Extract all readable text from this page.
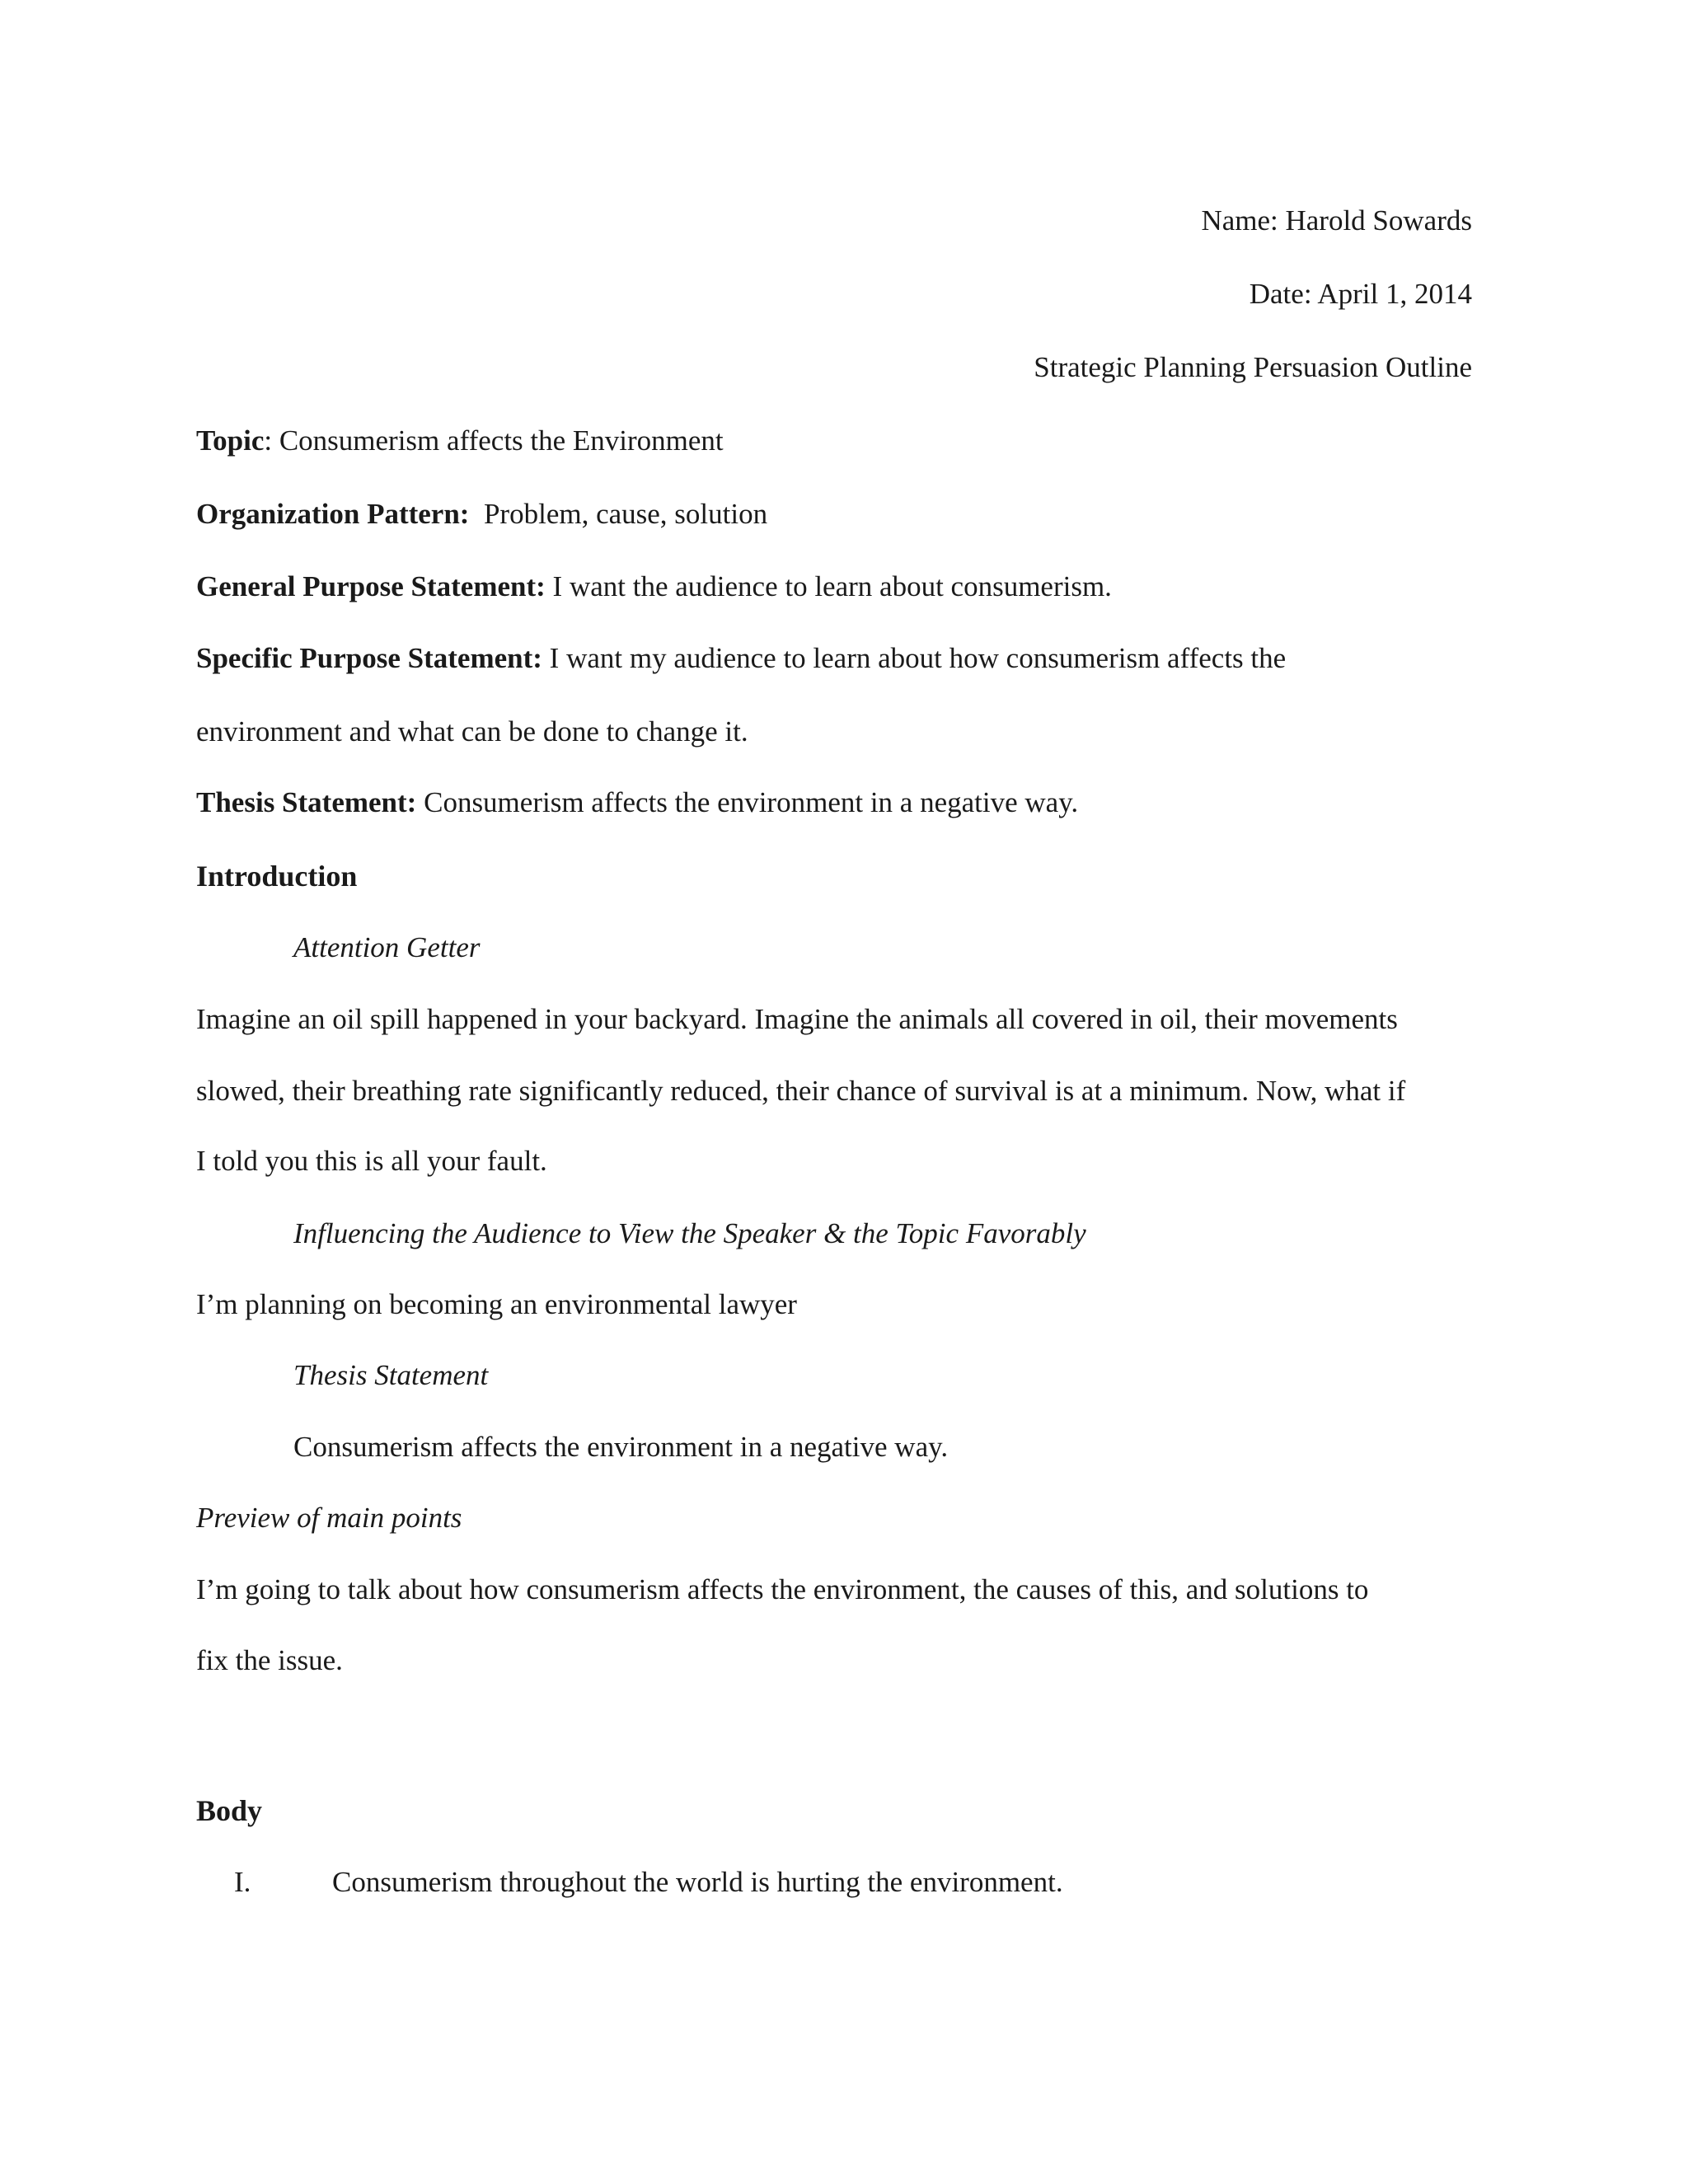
Name: Harold Sowards
Date: April 1, 2014
Strategic Planning Persuasion Outline
Topic: Consumerism affects the Environment
Organization Pattern: Problem, cause, solution
General Purpose Statement: I want the audience to learn about consumerism.
Specific Purpose Statement: I want my audience to learn about how consumerism affects the
environment and what can be done to change it.
Thesis Statement: Consumerism affects the environment in a negative way.
Introduction
Attention Getter
Imagine an oil spill happened in your backyard. Imagine the animals all covered in oil, their movements
slowed, their breathing rate significantly reduced, their chance of survival is at a minimum. Now, what if
I told you this is all your fault.
Influencing the Audience to View the Speaker & the Topic Favorably
I’m planning on becoming an environmental lawyer
Thesis Statement
Consumerism affects the environment in a negative way.
Preview of main points
I’m going to talk about how consumerism affects the environment, the causes of this, and solutions to
fix the issue.
Body
I.	Consumerism throughout the world is hurting the environment.
